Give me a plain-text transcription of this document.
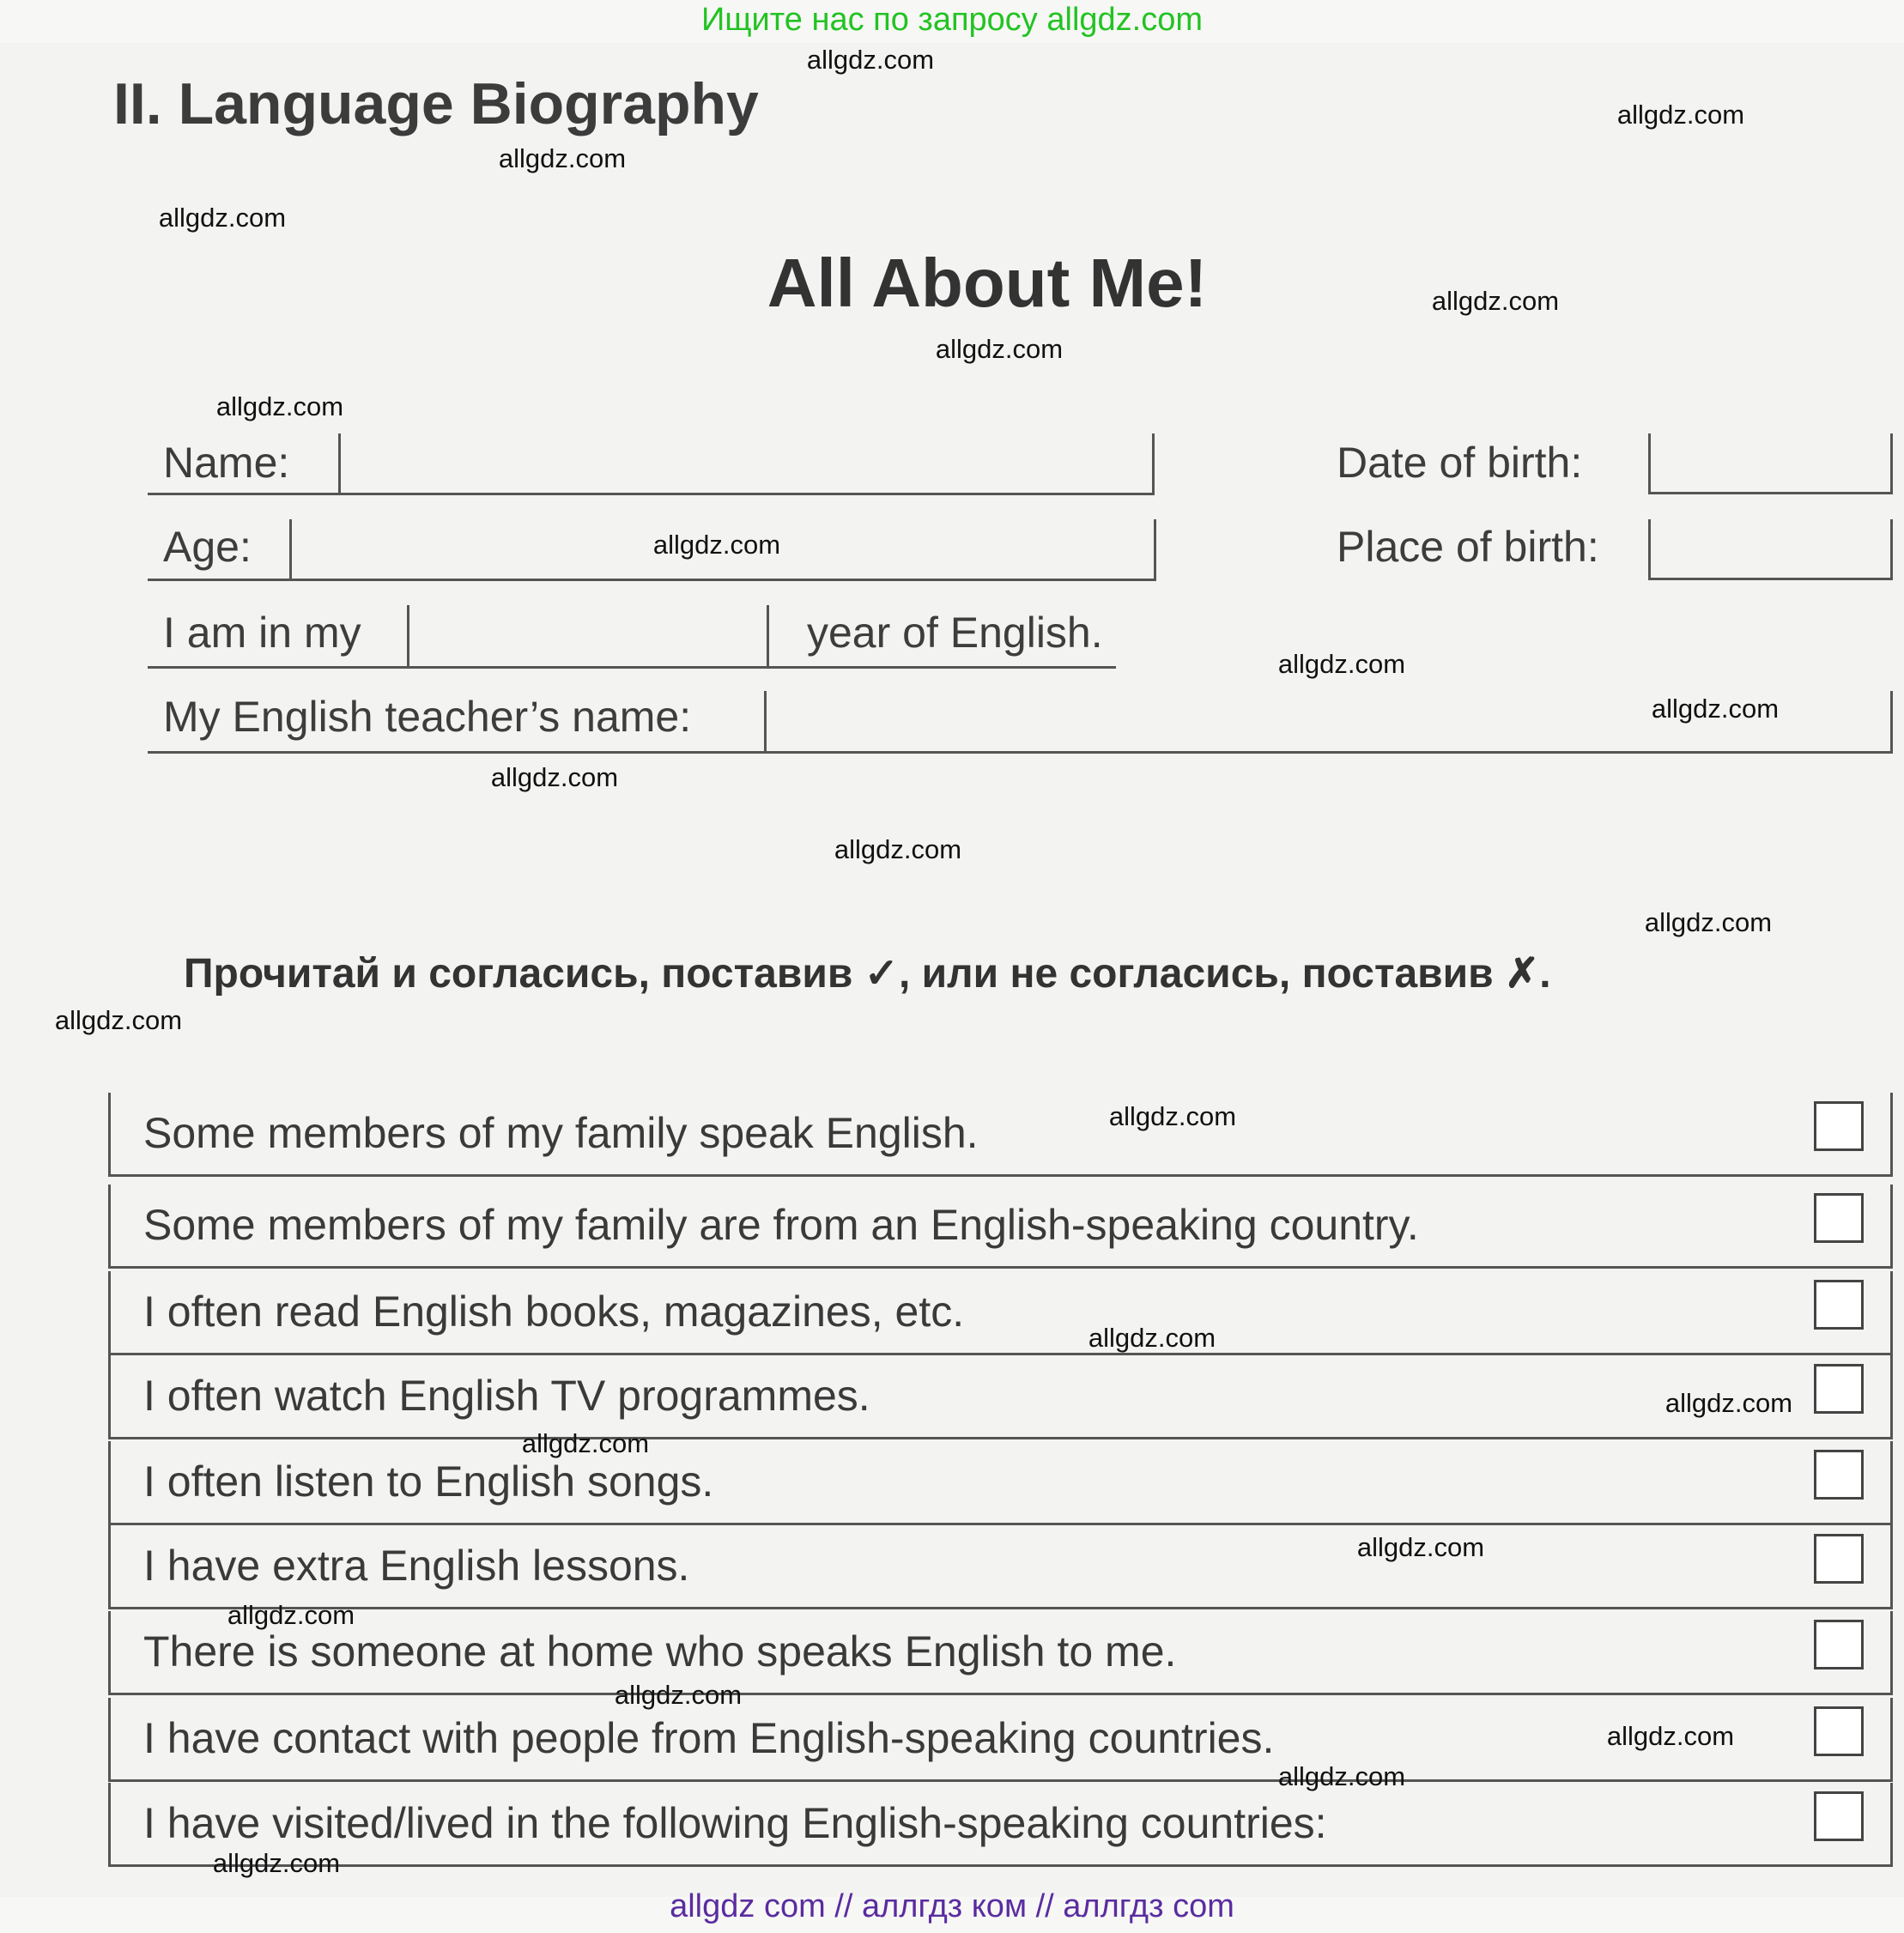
Ищите нас по запросу allgdz.com
II. Language Biography
All About Me!
Name:	Date of birth:
Age:	Place of birth:
I am in my	year of English.
My English teacher’s name:
Прочитай и согласись, поставив ✓, или не согласись, поставив ✗.
Some members of my family speak English.
Some members of my family are from an English-speaking country.
I often read English books, magazines, etc.
I often watch English TV programmes.
I often listen to English songs.
I have extra English lessons.
There is someone at home who speaks English to me.
I have contact with people from English-speaking countries.
I have visited/lived in the following English-speaking countries:
allgdz.com
allgdz.com
allgdz.com
allgdz.com
allgdz.com
allgdz.com
allgdz.com
allgdz.com
allgdz.com
allgdz.com
allgdz.com
allgdz.com
allgdz.com
allgdz.com
allgdz.com
allgdz.com
allgdz.com
allgdz.com
allgdz.com
allgdz.com
allgdz.com
allgdz.com
allgdz.com
allgdz.com
allgdz com // аллгдз ком // аллгдз com
